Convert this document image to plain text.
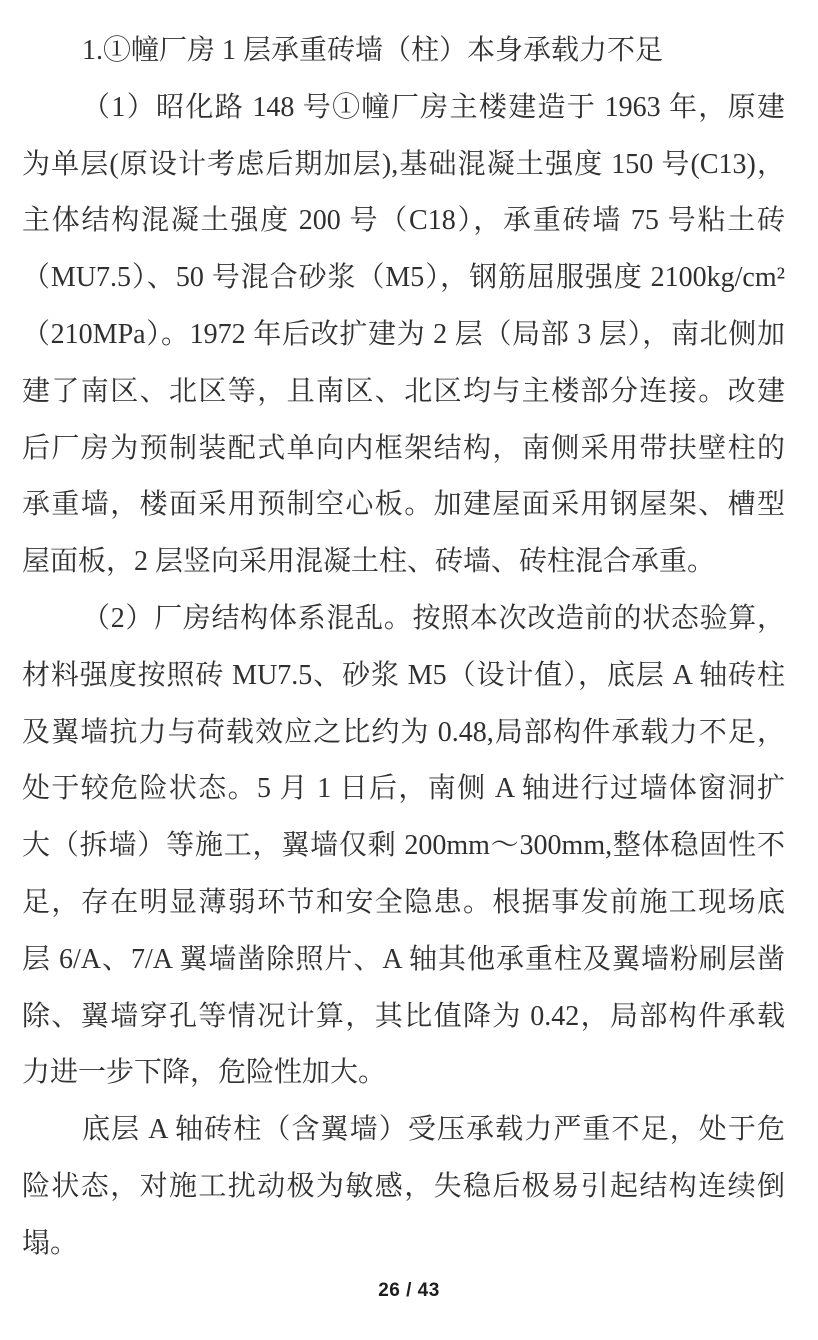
1.①幢厂房 1 层承重砖墙（柱）本身承载力不足
（1）昭化路 148 号①幢厂房主楼建造于 1963 年，原建
为单层(原设计考虑后期加层),基础混凝土强度 150 号(C13)，
主体结构混凝土强度 200 号（C18），承重砖墙 75 号粘土砖
（MU7.5）、50 号混合砂浆（M5），钢筋屈服强度 2100kg/cm²
（210MPa）。1972 年后改扩建为 2 层（局部 3 层），南北侧加
建了南区、北区等，且南区、北区均与主楼部分连接。改建
后厂房为预制装配式单向内框架结构，南侧采用带扶壁柱的
承重墙，楼面采用预制空心板。加建屋面采用钢屋架、槽型
屋面板，2 层竖向采用混凝土柱、砖墙、砖柱混合承重。
（2）厂房结构体系混乱。按照本次改造前的状态验算，
材料强度按照砖 MU7.5、砂浆 M5（设计值），底层 A 轴砖柱
及翼墙抗力与荷载效应之比约为 0.48,局部构件承载力不足，
处于较危险状态。5 月 1 日后，南侧 A 轴进行过墙体窗洞扩
大（拆墙）等施工，翼墙仅剩 200mm～300mm,整体稳固性不
足，存在明显薄弱环节和安全隐患。根据事发前施工现场底
层 6/A、7/A 翼墙凿除照片、A 轴其他承重柱及翼墙粉刷层凿
除、翼墙穿孔等情况计算，其比值降为 0.42，局部构件承载
力进一步下降，危险性加大。
底层 A 轴砖柱（含翼墙）受压承载力严重不足，处于危
险状态，对施工扰动极为敏感，失稳后极易引起结构连续倒
塌。
26 / 43
